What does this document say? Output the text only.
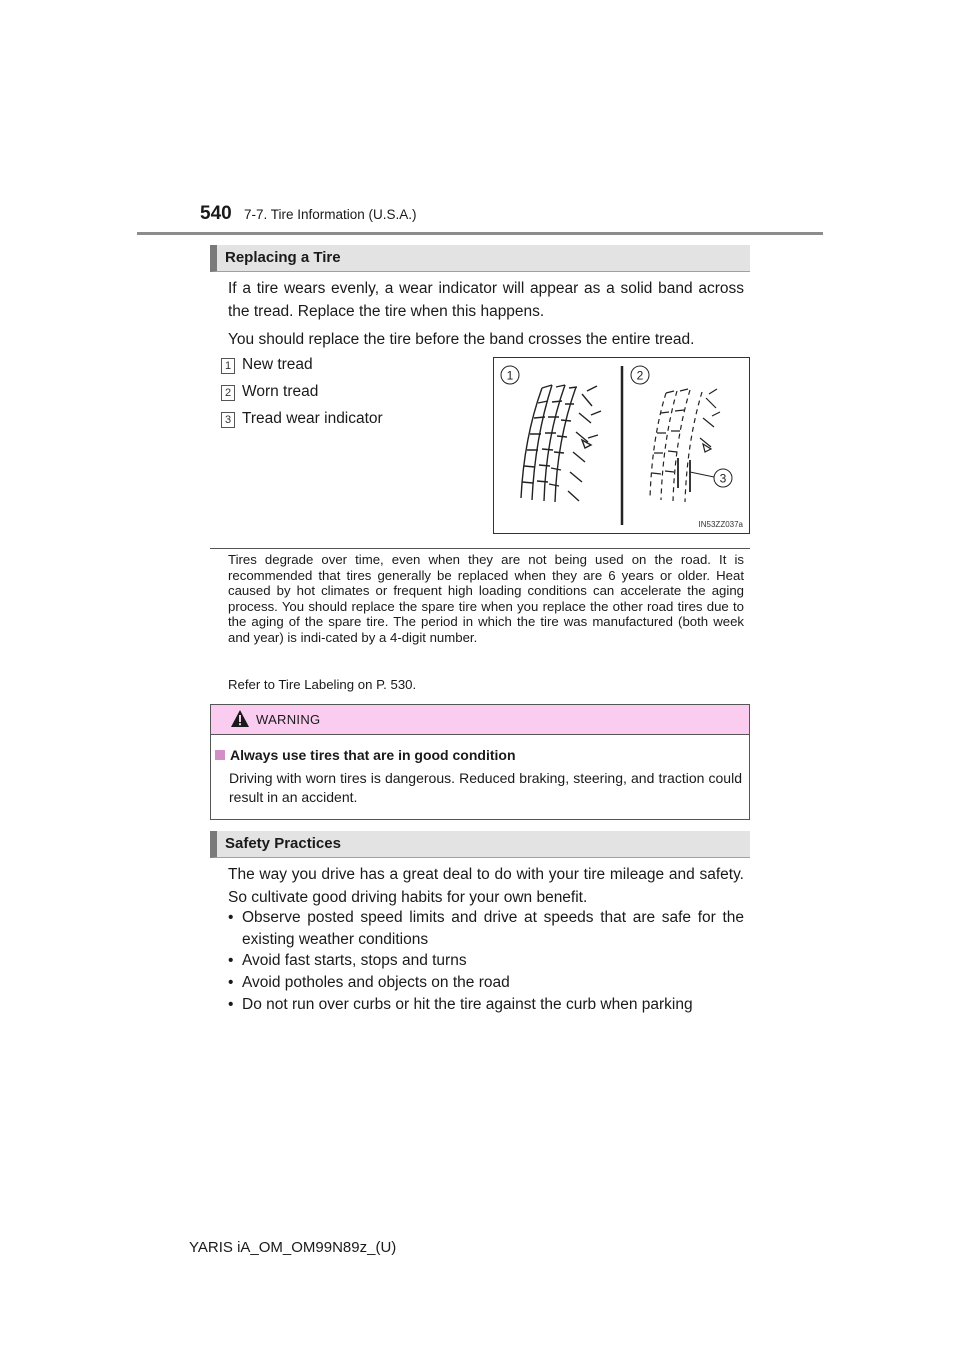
540 7-7. Tire Information (U.S.A.)
Replacing a Tire
If a tire wears evenly, a wear indicator will appear as a solid band across the tread. Replace the tire when this happens.
You should replace the tire before the band crosses the entire tread.
1 New tread
2 Worn tread
3 Tread wear indicator
1	2
3
IN53ZZ037a
Tires degrade over time, even when they are not being used on the road. It is recommended that tires generally be replaced when they are 6 years or older. Heat caused by hot climates or frequent high loading conditions can accelerate the aging process. You should replace the spare tire when you replace the other road tires due to the aging of the spare tire. The period in which the tire was manufactured (both week and year) is indi-cated by a 4-digit number.
Refer to Tire Labeling on P. 530.
WARNING
Always use tires that are in good condition
Driving with worn tires is dangerous. Reduced braking, steering, and traction could result in an accident.
Safety Practices
The way you drive has a great deal to do with your tire mileage and safety. So cultivate good driving habits for your own benefit.
• Observe posted speed limits and drive at speeds that are safe for the existing weather conditions
• Avoid fast starts, stops and turns
• Avoid potholes and objects on the road
• Do not run over curbs or hit the tire against the curb when parking
YARIS iA_OM_OM99N89z_(U)
